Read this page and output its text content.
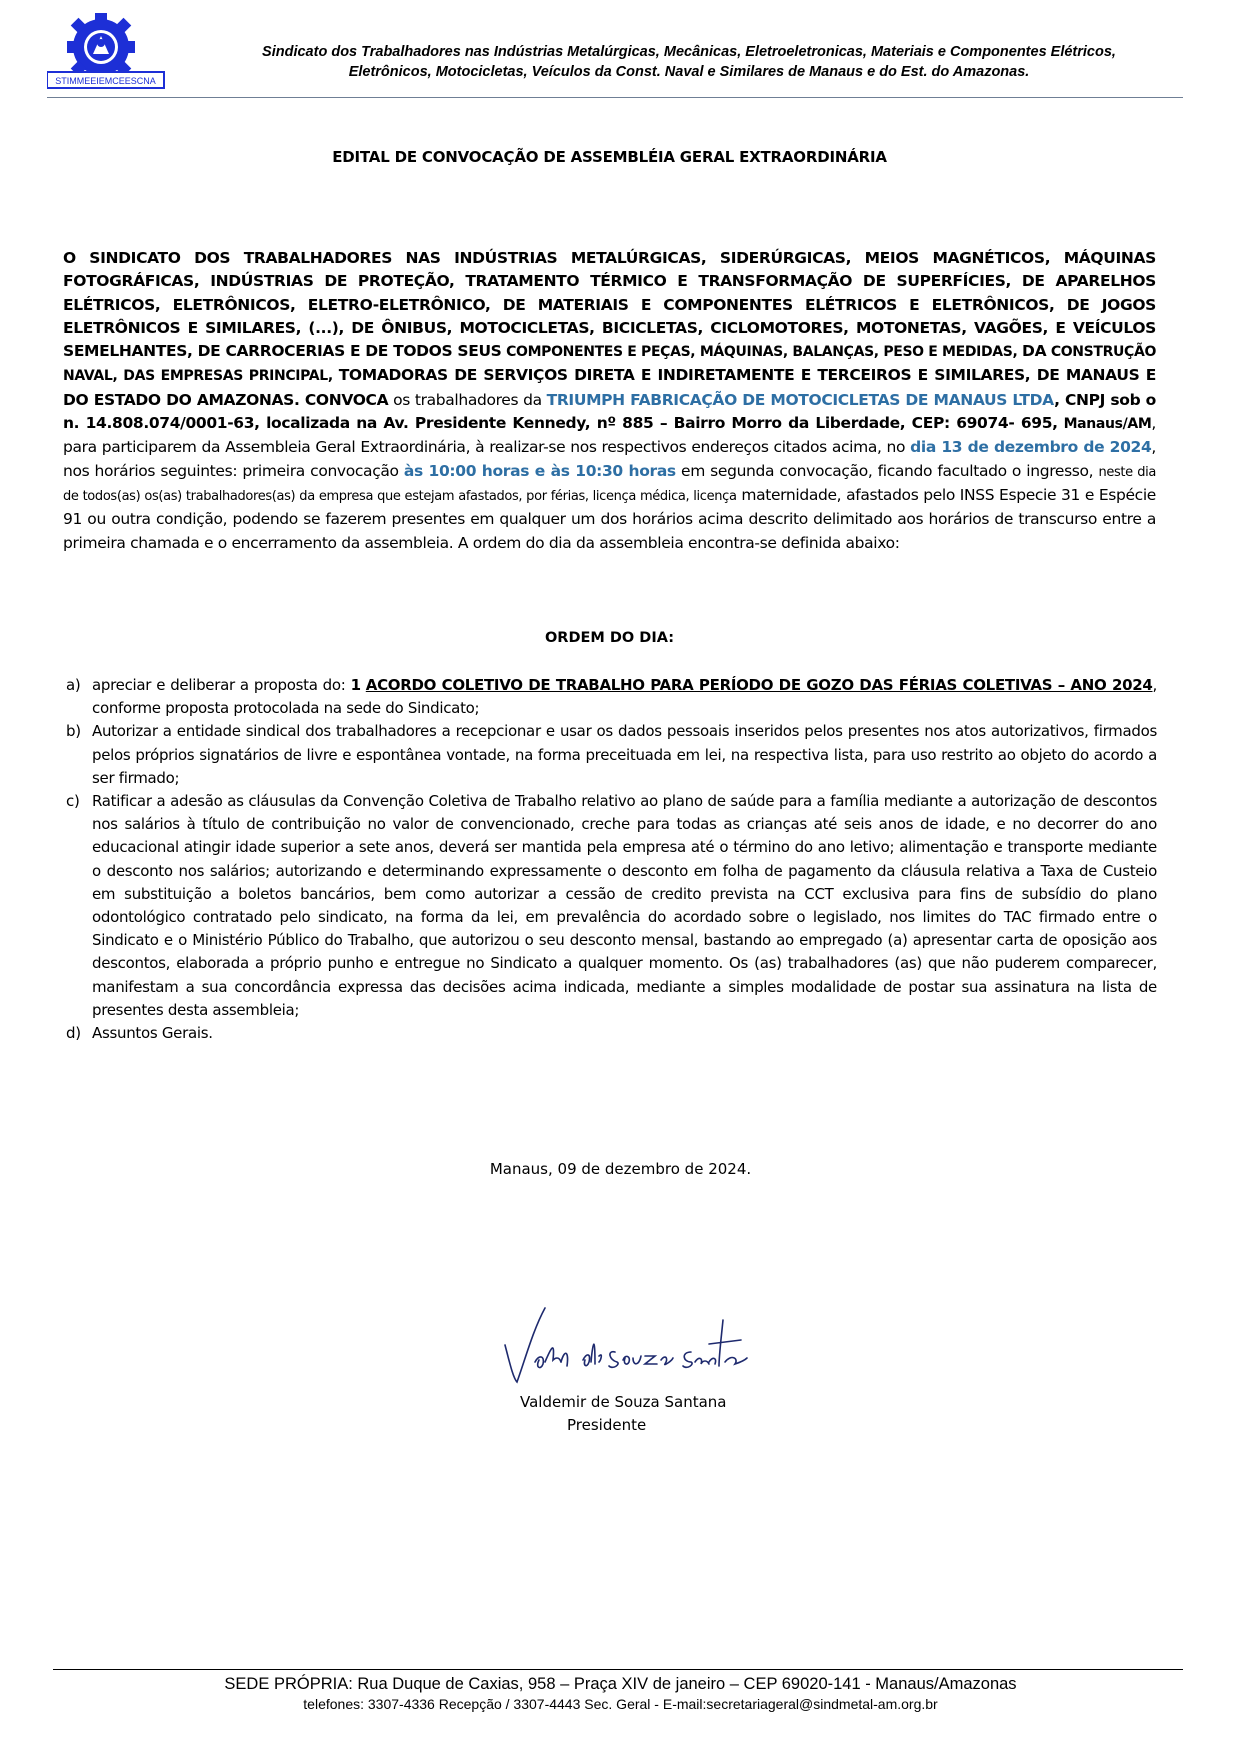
STIMMEEIEMCEESCNA
Sindicato dos Trabalhadores nas Indústrias Metalúrgicas, Mecânicas, Eletroeletronicas, Materiais e Componentes Elétricos,
Eletrônicos, Motocicletas, Veículos da Const. Naval e Similares de Manaus e do Est. do Amazonas.
EDITAL DE CONVOCAÇÃO DE ASSEMBLÉIA GERAL EXTRAORDINÁRIA
O SINDICATO DOS TRABALHADORES NAS INDÚSTRIAS METALÚRGICAS, SIDERÚRGICAS, MEIOS MAGNÉTICOS, MÁQUINAS FOTOGRÁFICAS, INDÚSTRIAS DE PROTEÇÃO, TRATAMENTO TÉRMICO E TRANSFORMAÇÃO DE SUPERFÍCIES, DE APARELHOS ELÉTRICOS, ELETRÔNICOS, ELETRO-ELETRÔNICO, DE MATERIAIS E COMPONENTES ELÉTRICOS E ELETRÔNICOS, DE JOGOS ELETRÔNICOS E SIMILARES, (...), DE ÔNIBUS, MOTOCICLETAS, BICICLETAS, CICLOMOTORES, MOTONETAS, VAGÕES, E VEÍCULOS SEMELHANTES, DE CARROCERIAS E DE TODOS SEUS COMPONENTES E PEÇAS, MÁQUINAS, BALANÇAS, PESO E MEDIDAS, DA CONSTRUÇÃO NAVAL, DAS EMPRESAS PRINCIPAL, TOMADORAS DE SERVIÇOS DIRETA E INDIRETAMENTE E TERCEIROS E SIMILARES, DE MANAUS E DO ESTADO DO AMAZONAS. CONVOCA os trabalhadores da TRIUMPH FABRICAÇÃO DE MOTOCICLETAS DE MANAUS LTDA, CNPJ sob o n. 14.808.074/0001-63, localizada na Av. Presidente Kennedy, nº 885 – Bairro Morro da Liberdade, CEP: 69074- 695, Manaus/AM, para participarem da Assembleia Geral Extraordinária, à realizar-se nos respectivos endereços citados acima, no dia 13 de dezembro de 2024, nos horários seguintes: primeira convocação às 10:00 horas e às 10:30 horas em segunda convocação, ficando facultado o ingresso, neste dia de todos(as) os(as) trabalhadores(as) da empresa que estejam afastados, por férias, licença médica, licença maternidade, afastados pelo INSS Especie 31 e Espécie 91 ou outra condição, podendo se fazerem presentes em qualquer um dos horários acima descrito delimitado aos horários de transcurso entre a primeira chamada e o encerramento da assembleia. A ordem do dia da assembleia encontra-se definida abaixo:
ORDEM DO DIA:
a) apreciar e deliberar a proposta do: 1 ACORDO COLETIVO DE TRABALHO PARA PERÍODO DE GOZO DAS FÉRIAS COLETIVAS – ANO 2024, conforme proposta protocolada na sede do Sindicato;
b) Autorizar a entidade sindical dos trabalhadores a recepcionar e usar os dados pessoais inseridos pelos presentes nos atos autorizativos, firmados pelos próprios signatários de livre e espontânea vontade, na forma preceituada em lei, na respectiva lista, para uso restrito ao objeto do acordo a ser firmado;
c) Ratificar a adesão as cláusulas da Convenção Coletiva de Trabalho relativo ao plano de saúde para a família mediante a autorização de descontos nos salários à título de contribuição no valor de convencionado, creche para todas as crianças até seis anos de idade, e no decorrer do ano educacional atingir idade superior a sete anos, deverá ser mantida pela empresa até o término do ano letivo; alimentação e transporte mediante o desconto nos salários; autorizando e determinando expressamente o desconto em folha de pagamento da cláusula relativa a Taxa de Custeio em substituição a boletos bancários, bem como autorizar a cessão de credito prevista na CCT exclusiva para fins de subsídio do plano odontológico contratado pelo sindicato, na forma da lei, em prevalência do acordado sobre o legislado, nos limites do TAC firmado entre o Sindicato e o Ministério Público do Trabalho, que autorizou o seu desconto mensal, bastando ao empregado (a) apresentar carta de oposição aos descontos, elaborada a próprio punho e entregue no Sindicato a qualquer momento. Os (as) trabalhadores (as) que não puderem comparecer, manifestam a sua concordância expressa das decisões acima indicada, mediante a simples modalidade de postar sua assinatura na lista de presentes desta assembleia;
d) Assuntos Gerais.
Manaus, 09 de dezembro de 2024.
Valdemir de Souza Santana
Presidente
SEDE PRÓPRIA: Rua Duque de Caxias, 958 – Praça XIV de janeiro – CEP 69020-141 - Manaus/Amazonas
telefones: 3307-4336 Recepção / 3307-4443 Sec. Geral - E-mail:secretariageral@sindmetal-am.org.br
